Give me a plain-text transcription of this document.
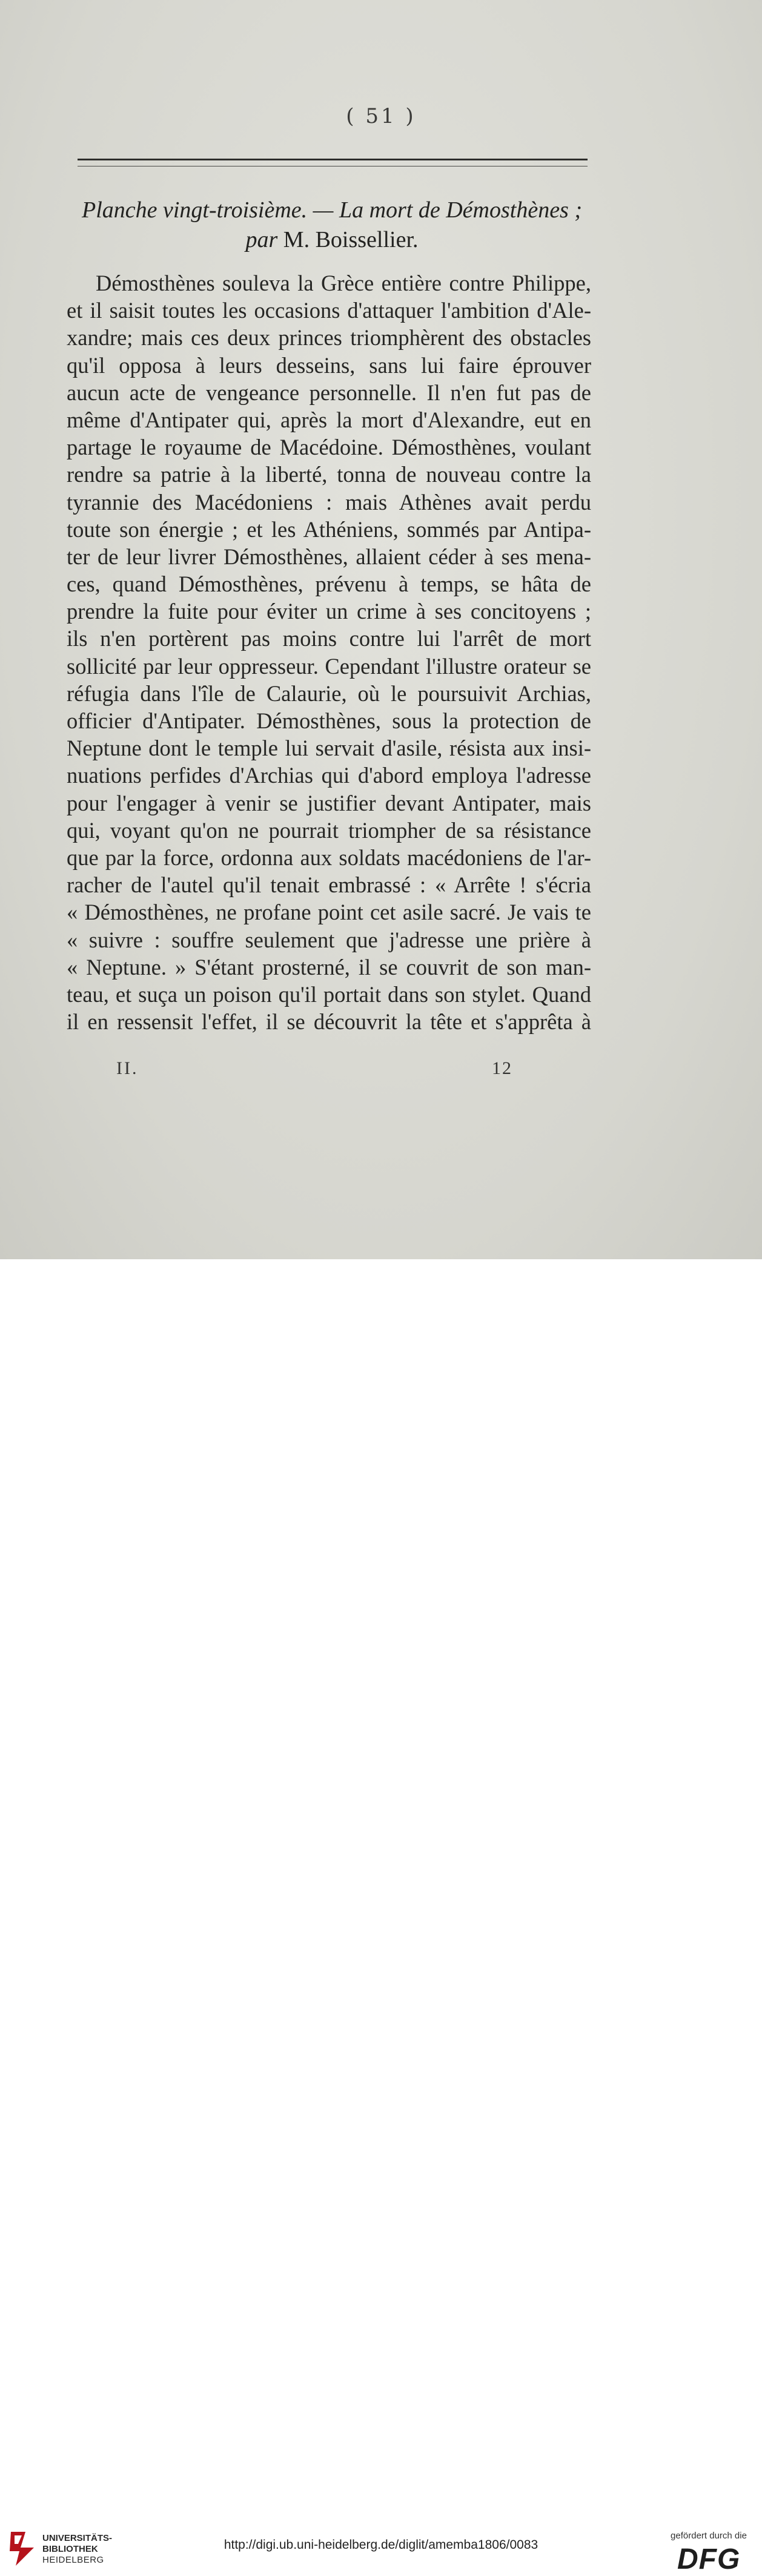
( 51 )
Planche vingt-troisième. — La mort de Démosthènes ;
par M. Boissellier.
Démosthènes souleva la Grèce entière contre Philippe,
et il saisit toutes les occasions d'attaquer l'ambition d'Ale-
xandre; mais ces deux princes triomphèrent des obstacles
qu'il opposa à leurs desseins, sans lui faire éprouver
aucun acte de vengeance personnelle. Il n'en fut pas de
même d'Antipater qui, après la mort d'Alexandre, eut en
partage le royaume de Macédoine. Démosthènes, voulant
rendre sa patrie à la liberté, tonna de nouveau contre la
tyrannie des Macédoniens : mais Athènes avait perdu
toute son énergie ; et les Athéniens, sommés par Antipa-
ter de leur livrer Démosthènes, allaient céder à ses mena-
ces, quand Démosthènes, prévenu à temps, se hâta de
prendre la fuite pour éviter un crime à ses concitoyens ;
ils n'en portèrent pas moins contre lui l'arrêt de mort
sollicité par leur oppresseur. Cependant l'illustre orateur se
réfugia dans l'île de Calaurie, où le poursuivit Archias,
officier d'Antipater. Démosthènes, sous la protection de
Neptune dont le temple lui servait d'asile, résista aux insi-
nuations perfides d'Archias qui d'abord employa l'adresse
pour l'engager à venir se justifier devant Antipater, mais
qui, voyant qu'on ne pourrait triompher de sa résistance
que par la force, ordonna aux soldats macédoniens de l'ar-
racher de l'autel qu'il tenait embrassé : « Arrête ! s'écria
« Démosthènes, ne profane point cet asile sacré. Je vais te
« suivre : souffre seulement que j'adresse une prière à
« Neptune. » S'étant prosterné, il se couvrit de son man-
teau, et suça un poison qu'il portait dans son stylet. Quand
il en ressensit l'effet, il se découvrit la tête et s'apprêta à
II.	12
UNIVERSITÄTS-
BIBLIOTHEK
HEIDELBERG
http://digi.ub.uni-heidelberg.de/diglit/amemba1806/0083
gefördert durch die
DFG
